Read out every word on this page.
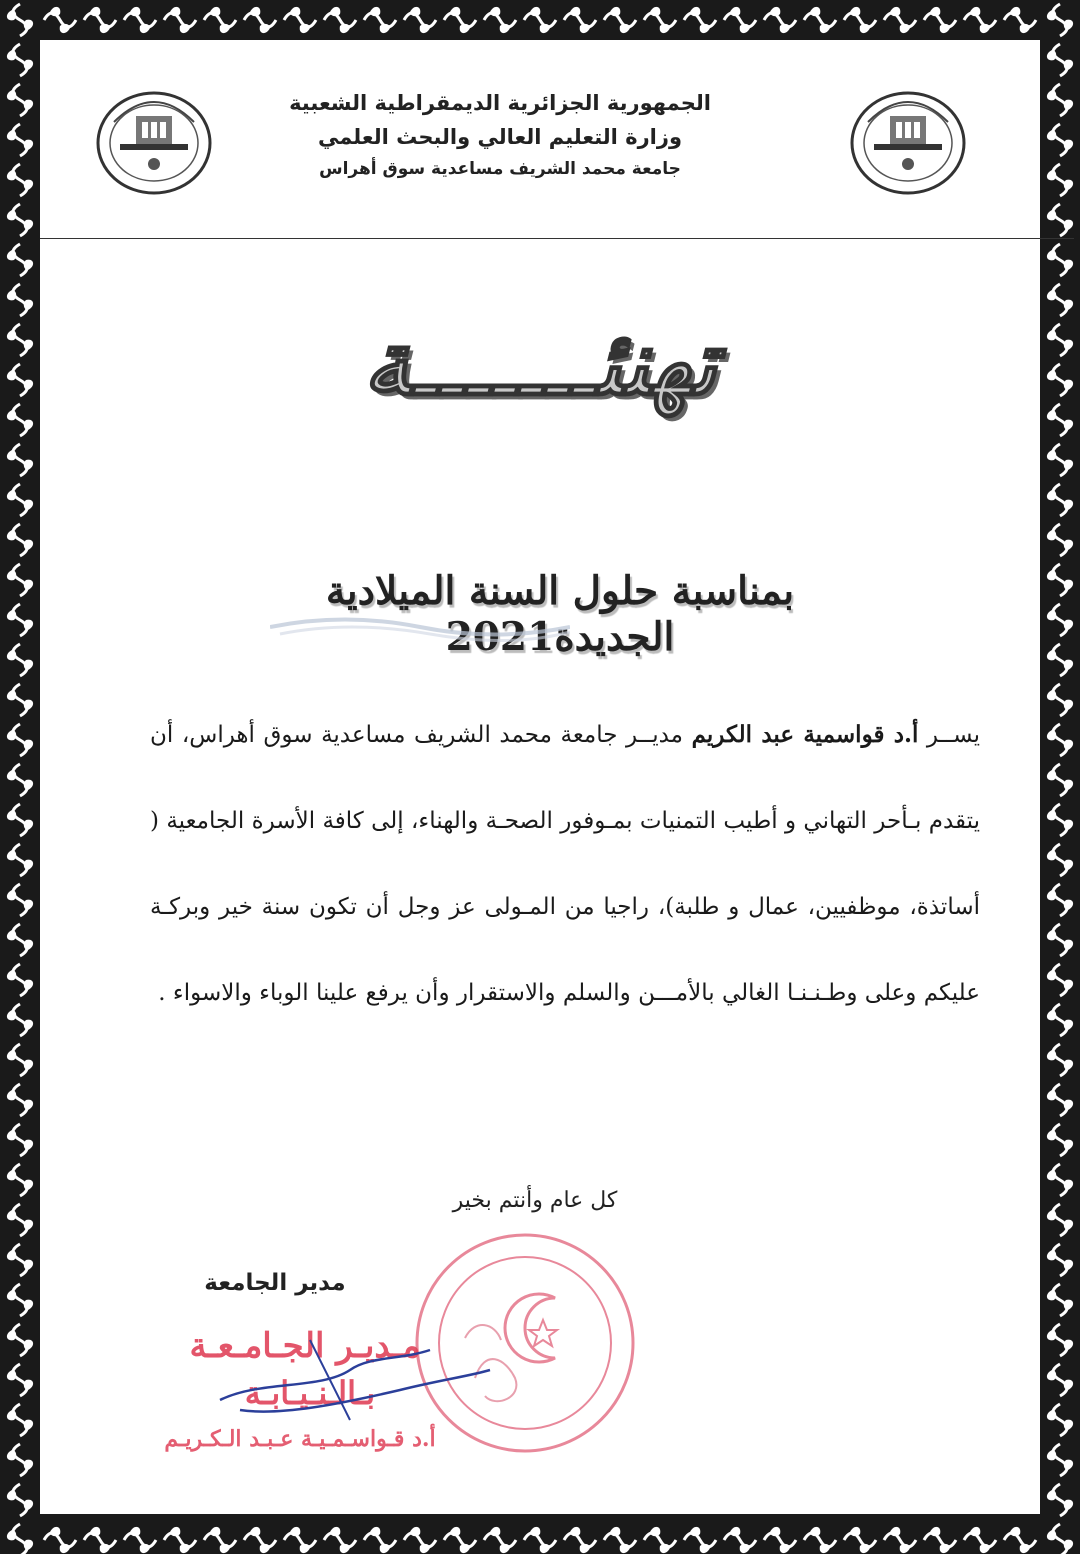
الجمهورية الجزائرية الديمقراطية الشعبية
وزارة التعليم العالي والبحث العلمي
جامعة محمد الشريف مساعدية سوق أهراس
تهنئـــــــة
بمناسبة حلول السنة الميلادية الجديدة2021
يســر أ.د قواسمية عبد الكريم مديــر جامعة محمد الشريف مساعدية سوق أهراس، أن يتقدم بـأحر التهاني و أطيب التمنيات بمـوفور الصحـة والهناء، إلى كافة الأسرة الجامعية ( أساتذة، موظفيين، عمال و طلبة)، راجيا من المـولى عز وجل أن تكون سنة خير وبركـة عليكم وعلى وطـنـنـا الغالي بالأمـــن والسلم والاستقرار وأن يرفع علينا الوباء والاسواء .
كل عام وأنتم بخير
مدير الجامعة
مـديـر الجـامـعـة
بـالـنـيـابـة
أ.د قـواسـمـيـة عـبـد الـكـريـم
